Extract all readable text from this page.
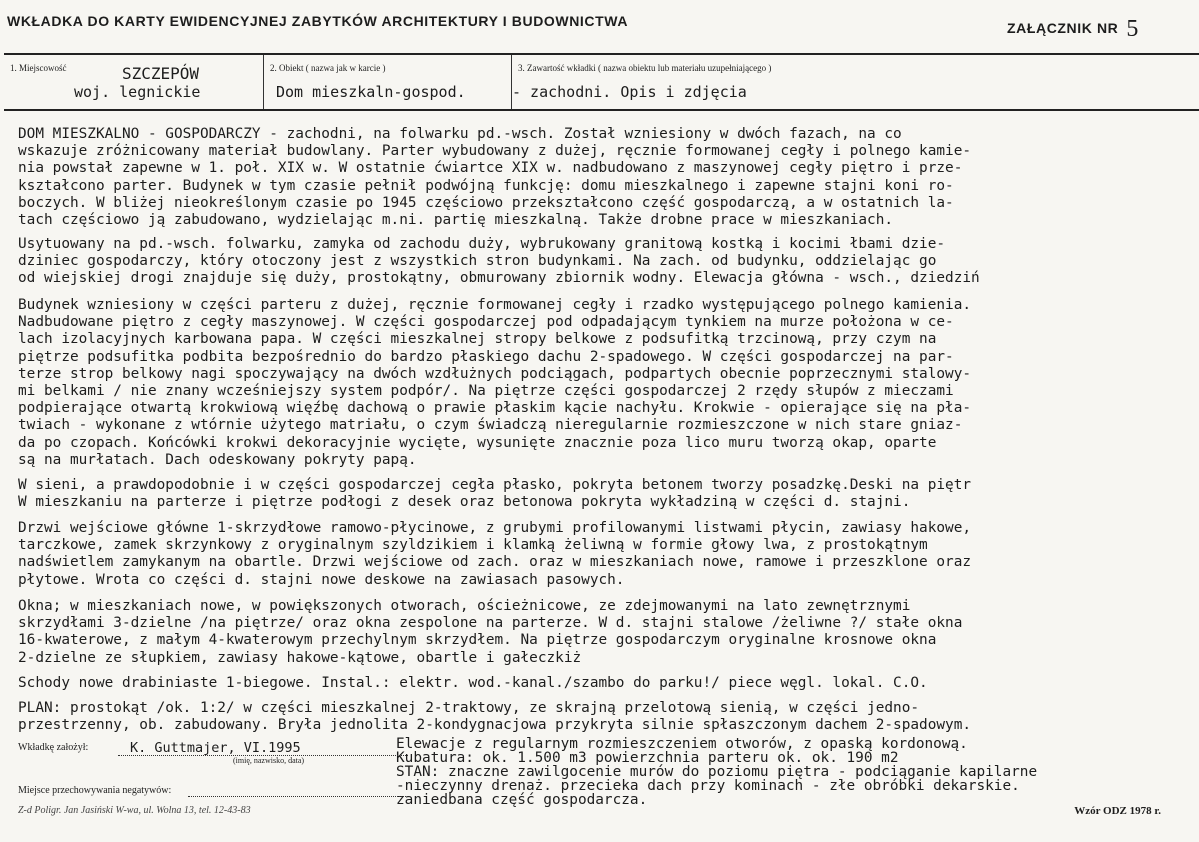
WKŁADKA DO KARTY EWIDENCYJNEJ ZABYTKÓW ARCHITEKTURY I BUDOWNICTWA	ZAŁĄCZNIK NR 5
1. Miejscowość	SZCZEPÓW
woj. legnickie
2. Obiekt ( nazwa jak w karcie )
Dom mieszkaln-gospod.
3. Zawartość wkładki ( nazwa obiektu lub materiału uzupełniającego )
- zachodni. Opis i zdjęcia
DOM MIESZKALNO - GOSPODARCZY - zachodni, na folwarku pd.-wsch. Został wzniesiony w dwóch fazach, na co
wskazuje zróżnicowany materiał budowlany. Parter wybudowany z dużej, ręcznie formowanej cegły i polnego kamie-
nia powstał zapewne w 1. poł. XIX w. W ostatnie ćwiartce XIX w. nadbudowano z maszynowej cegły piętro i prze-
kształcono parter. Budynek w tym czasie pełnił podwójną funkcję: domu mieszkalnego i zapewne stajni koni ro-
boczych. W bliżej nieokreślonym czasie po 1945 częściowo przekształcono część gospodarczą, a w ostatnich la-
tach częściowo ją zabudowano, wydzielając m.ni. partię mieszkalną. Także drobne prace w mieszkaniach.
Usytuowany na pd.-wsch. folwarku, zamyka od zachodu duży, wybrukowany granitową kostką i kocimi łbami dzie-
dziniec gospodarczy, który otoczony jest z wszystkich stron budynkami. Na zach. od budynku, oddzielając go
od wiejskiej drogi znajduje się duży, prostokątny, obmurowany zbiornik wodny. Elewacja główna - wsch., dziedziń
Budynek wzniesiony w części parteru z dużej, ręcznie formowanej cegły i rzadko występującego polnego kamienia.
Nadbudowane piętro z cegły maszynowej. W części gospodarczej pod odpadającym tynkiem na murze położona w ce-
lach izolacyjnych karbowana papa. W części mieszkalnej stropy belkowe z podsufitką trzcinową, przy czym na
piętrze podsufitka podbita bezpośrednio do bardzo płaskiego dachu 2-spadowego. W części gospodarczej na par-
terze strop belkowy nagi spoczywający na dwóch wzdłużnych podciągach, podpartych obecnie poprzecznymi stalowy-
mi belkami / nie znany wcześniejszy system podpór/. Na piętrze części gospodarczej 2 rzędy słupów z mieczami
podpierające otwartą krokwiową więźbę dachową o prawie płaskim kącie nachyłu. Krokwie - opierające się na pła-
twiach - wykonane z wtórnie użytego matriału, o czym świadczą nieregularnie rozmieszczone w nich stare gniaz-
da po czopach. Końcówki krokwi dekoracyjnie wycięte, wysunięte znacznie poza lico muru tworzą okap, oparte
są na murłatach. Dach odeskowany pokryty papą.
W sieni, a prawdopodobnie i w części gospodarczej cegła płasko, pokryta betonem tworzy posadzkę.Deski na piętr
W mieszkaniu na parterze i piętrze podłogi z desek oraz betonowa pokryta wykładziną w części d. stajni.
Drzwi wejściowe główne 1-skrzydłowe ramowo-płycinowe, z grubymi profilowanymi listwami płycin, zawiasy hakowe,
tarczkowe, zamek skrzynkowy z oryginalnym szyldzikiem i klamką żeliwną w formie głowy lwa, z prostokątnym
nadświetlem zamykanym na obartle. Drzwi wejściowe od zach. oraz w mieszkaniach nowe, ramowe i przeszklone oraz
płytowe. Wrota co części d. stajni nowe deskowe na zawiasach pasowych.
Okna; w mieszkaniach nowe, w powiększonych otworach, ościeżnicowe, ze zdejmowanymi na lato zewnętrznymi
skrzydłami 3-dzielne /na piętrze/ oraz okna zespolone na parterze. W d. stajni stalowe /żeliwne ?/ stałe okna
16-kwaterowe, z małym 4-kwaterowym przechylnym skrzydłem. Na piętrze gospodarczym oryginalne krosnowe okna
2-dzielne ze słupkiem, zawiasy hakowe-kątowe, obartle i gałeczkiż
Schody nowe drabiniaste 1-biegowe. Instal.: elektr. wod.-kanal./szambo do parku!/ piece węgl. lokal. C.O.
PLAN: prostokąt /ok. 1:2/ w części mieszkalnej 2-traktowy, ze skrajną przelotową sienią, w części jedno-
przestrzenny, ob. zabudowany. Bryła jednolita 2-kondygnacjowa przykryta silnie spłaszczonym dachem 2-spadowym.
Elewacje z regularnym rozmieszczeniem otworów, z opaską kordonową.
Kubatura: ok. 1.500 m3 powierzchnia parteru ok. ok. 190 m2
STAN: znaczne zawilgocenie murów do poziomu piętra - podciąganie kapilarne
-nieczynny drenaż. przecieka dach przy kominach - złe obróbki dekarskie.
zaniedbana część gospodarcza.
Wkładkę założył:	K. Guttmajer, VI.1995
(imię, nazwisko, data)
Miejsce przechowywania negatywów:
Z-d Poligr. Jan Jasiński W-wa, ul. Wolna 13, tel. 12-43-83	Wzór ODZ 1978 r.
